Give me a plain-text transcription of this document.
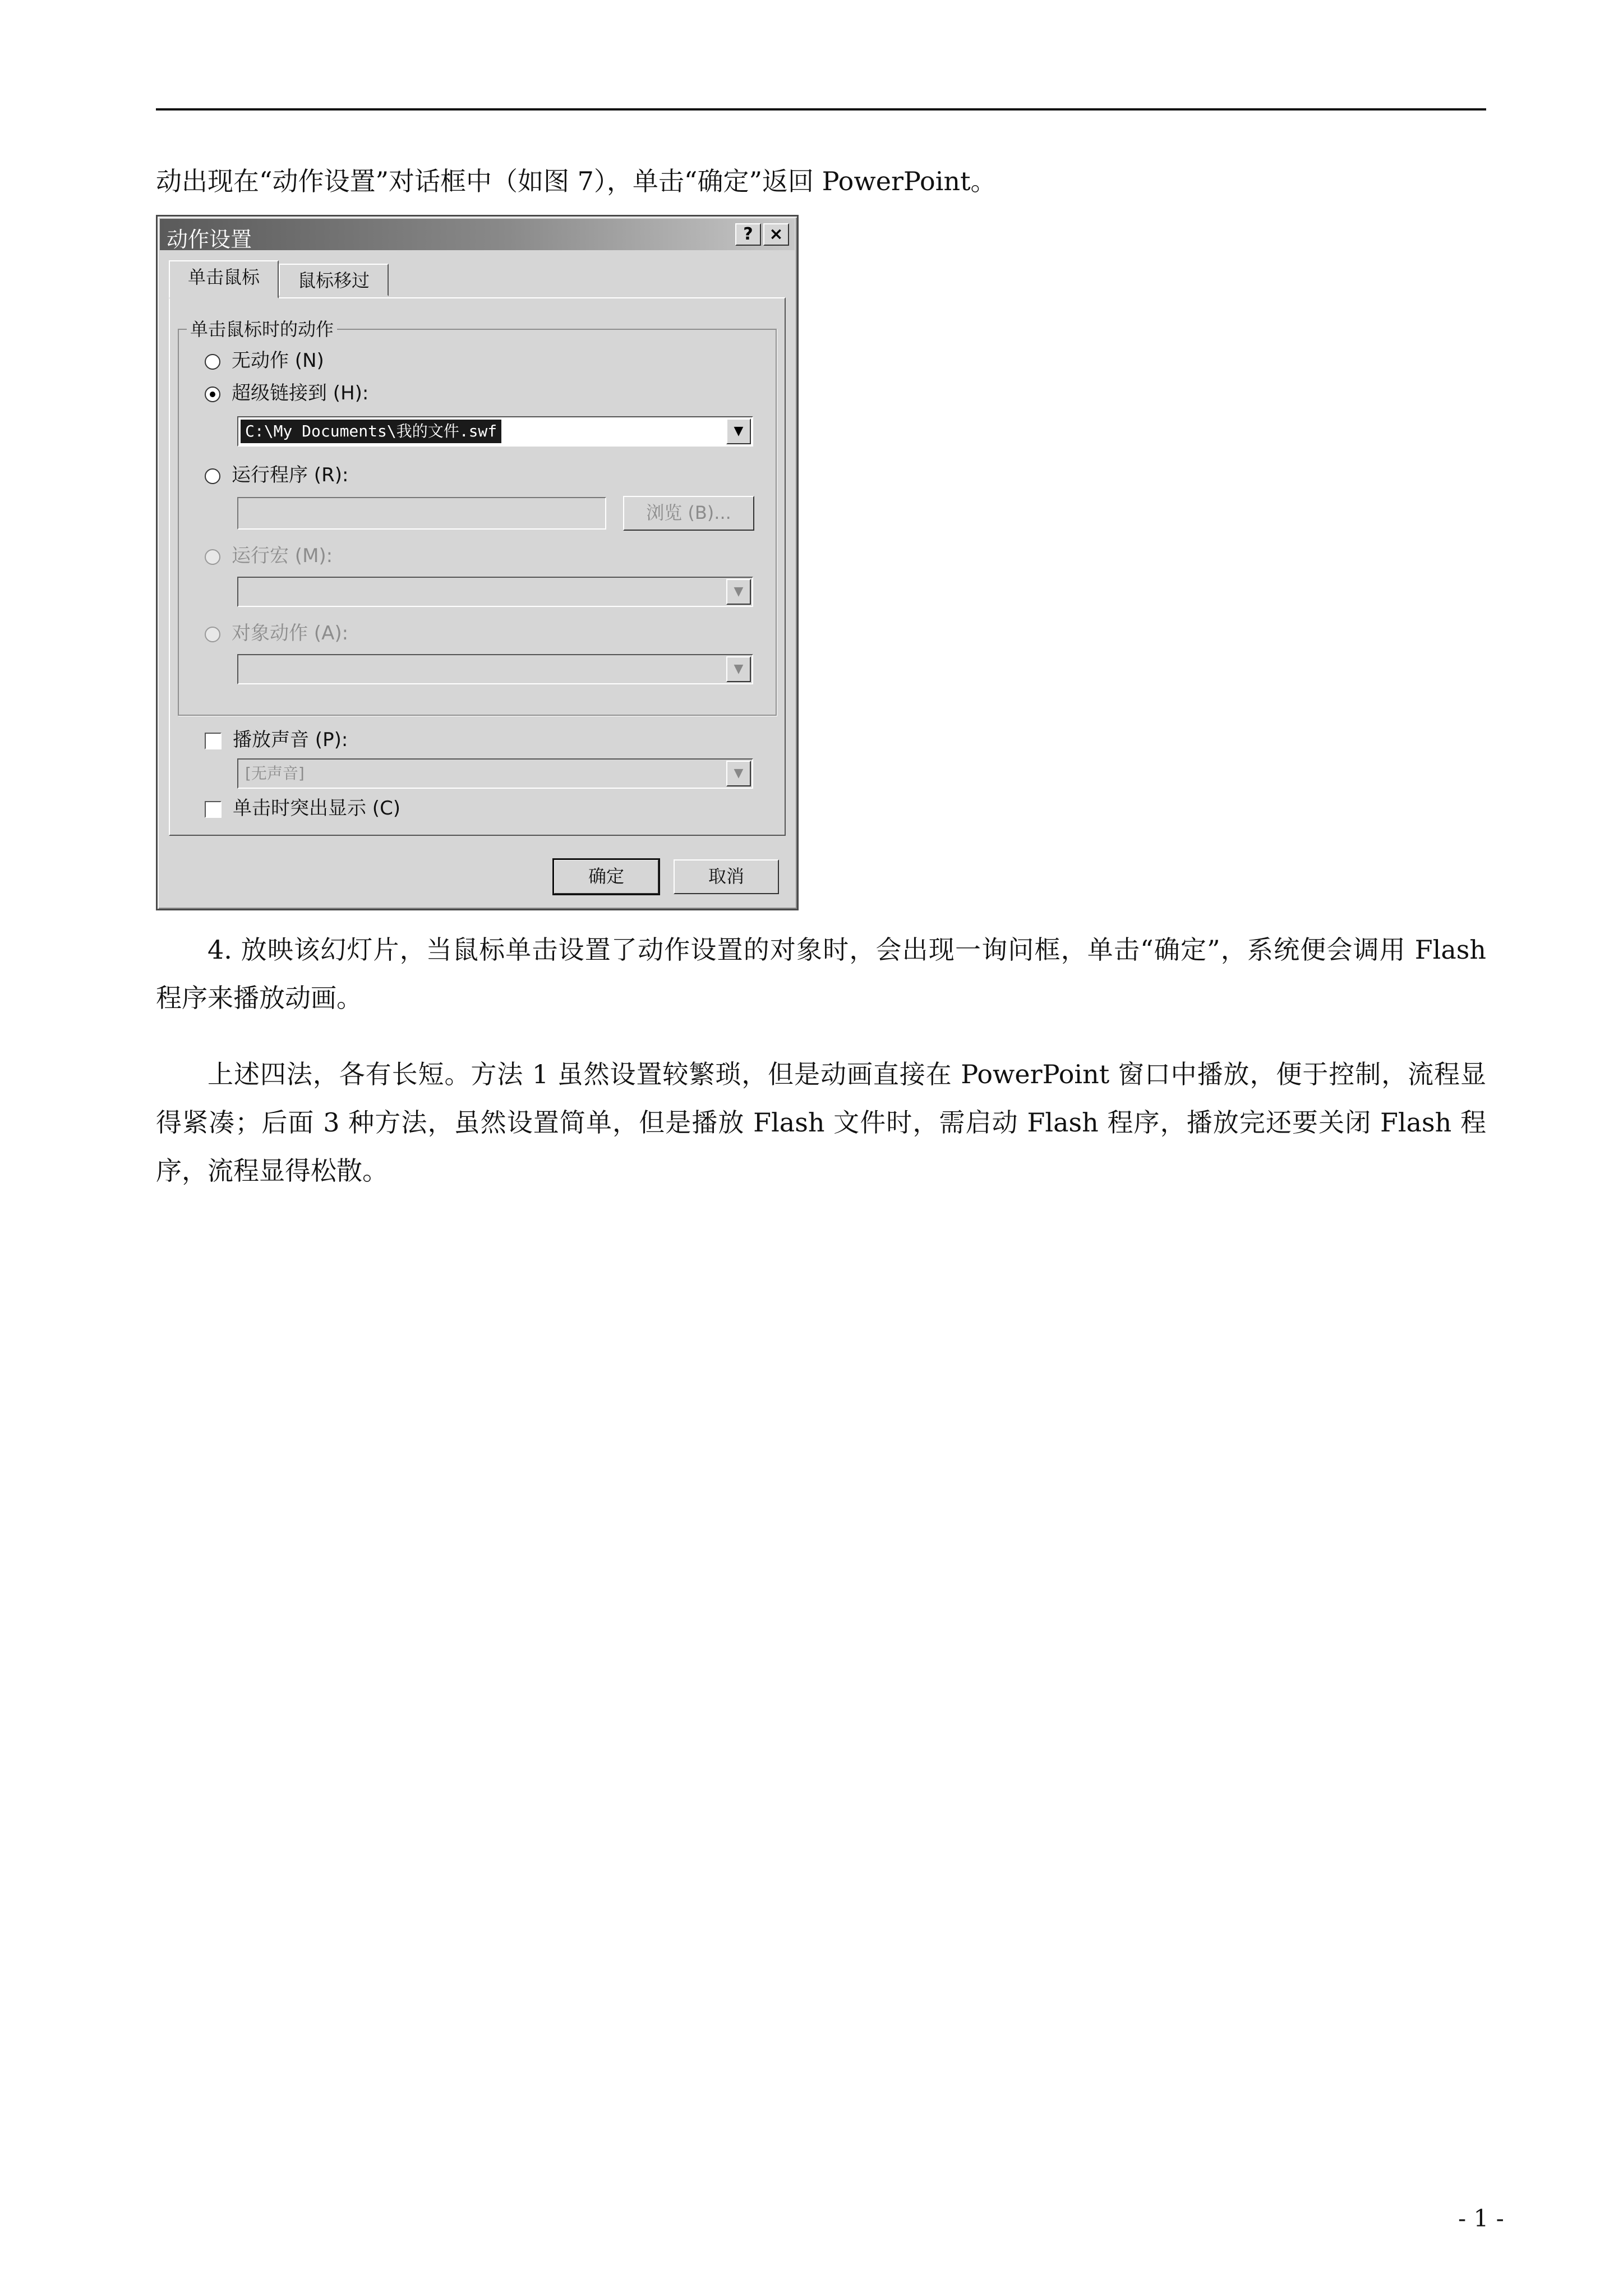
动出现在“动作设置”对话框中（如图 7），单击“确定”返回 PowerPoint。

动作设置	? ×
单击鼠标	鼠标移过
单击鼠标时的动作
无动作 (N)
超级链接到 (H):
C:\My Documents\我的文件.swf	▼
运行程序 (R):
浏览 (B)...
运行宏 (M):
▼
对象动作 (A):
▼
播放声音 (P):
[无声音]	▼
单击时突出显示 (C)
确定	取消

4. 放映该幻灯片，当鼠标单击设置了动作设置的对象时，会出现一询问框，单击“确定”，系统便会调用 Flash 程序来播放动画。

上述四法，各有长短。方法 1 虽然设置较繁琐，但是动画直接在 PowerPoint 窗口中播放，便于控制，流程显得紧凑；后面 3 种方法，虽然设置简单，但是播放 Flash 文件时，需启动 Flash 程序，播放完还要关闭 Flash 程序，流程显得松散。

- 1 -
